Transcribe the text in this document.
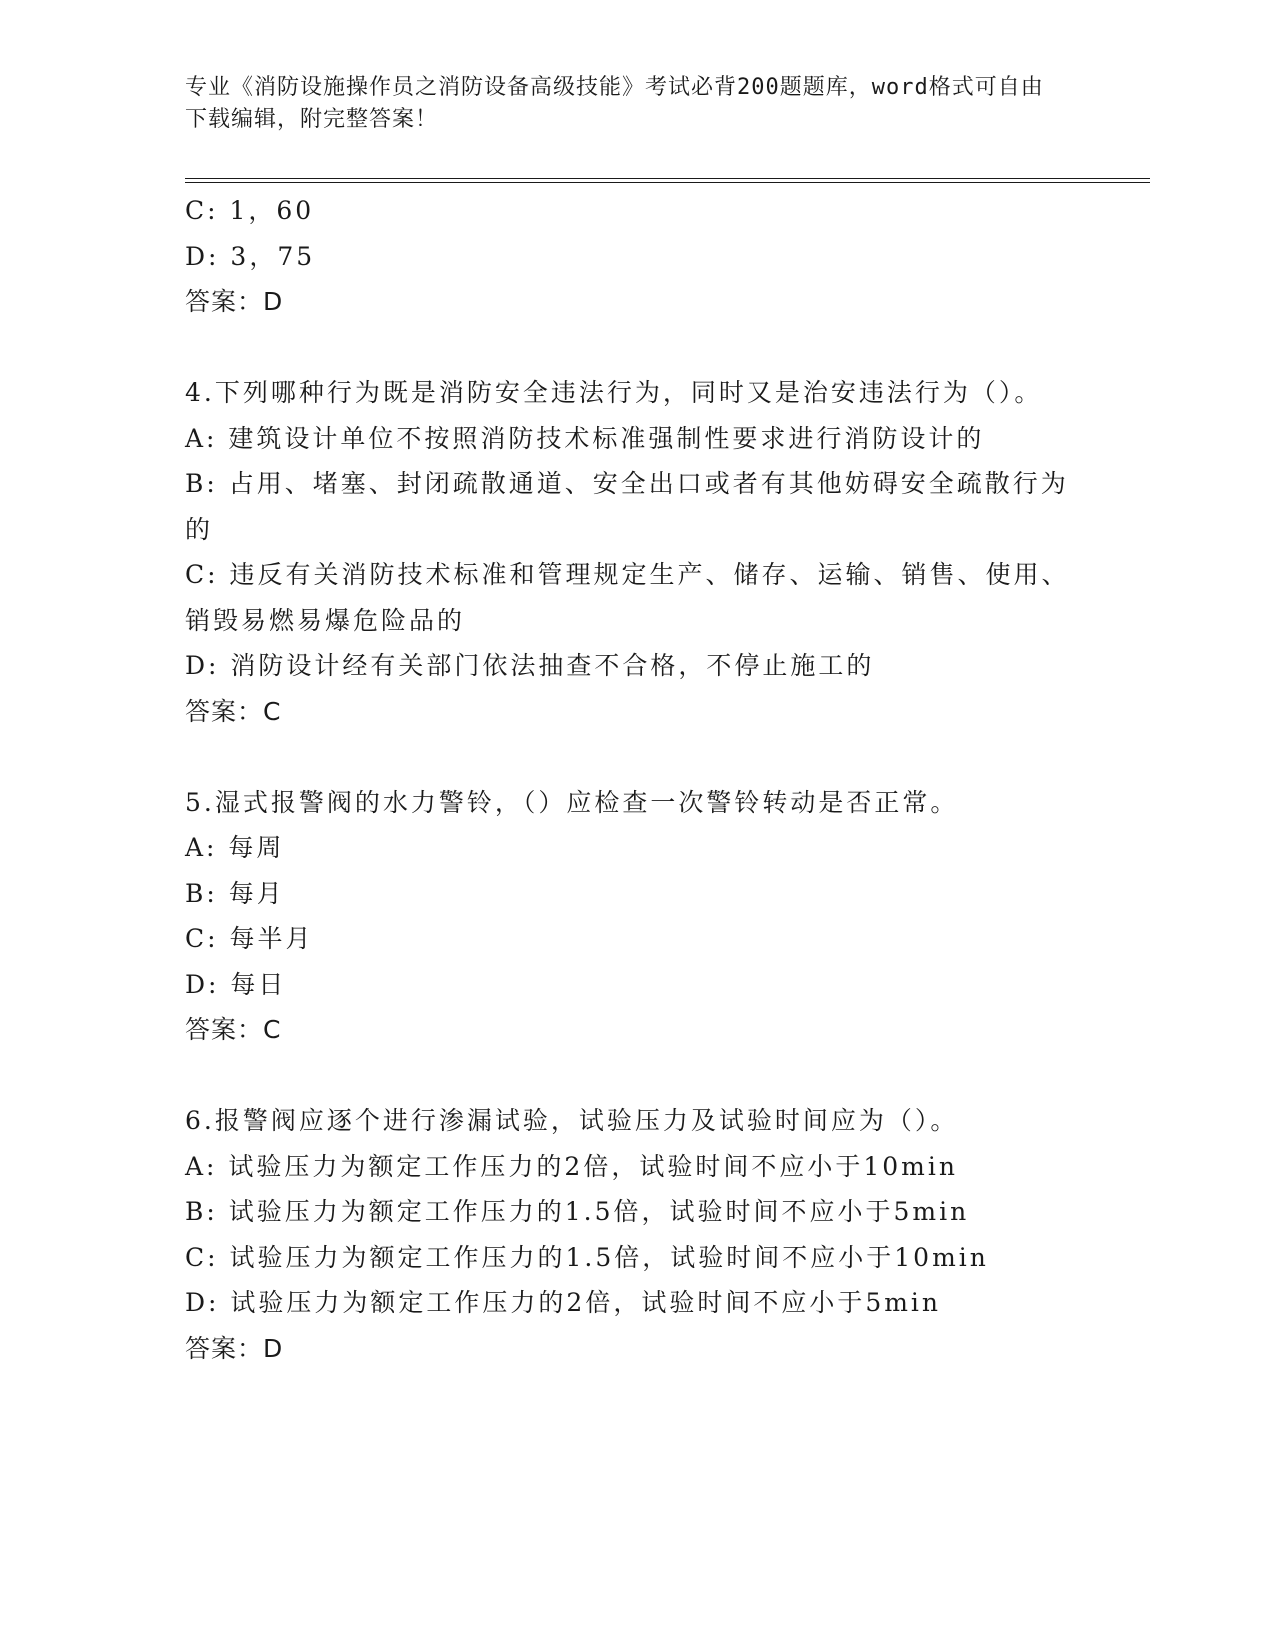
专业《消防设施操作员之消防设备高级技能》考试必背200题题库，word格式可自由下载编辑，附完整答案！

C: 1，60

D: 3，75

答案：D

4.下列哪种行为既是消防安全违法行为，同时又是治安违法行为（）。

A: 建筑设计单位不按照消防技术标准强制性要求进行消防设计的

B: 占用、堵塞、封闭疏散通道、安全出口或者有其他妨碍安全疏散行为的

C: 违反有关消防技术标准和管理规定生产、储存、运输、销售、使用、销毁易燃易爆危险品的

D: 消防设计经有关部门依法抽查不合格，不停止施工的

答案：C

5.湿式报警阀的水力警铃，（）应检查一次警铃转动是否正常。

A: 每周

B: 每月

C: 每半月

D: 每日

答案：C

6.报警阀应逐个进行渗漏试验，试验压力及试验时间应为（）。

A: 试验压力为额定工作压力的2倍，试验时间不应小于10min

B: 试验压力为额定工作压力的1.5倍，试验时间不应小于5min

C: 试验压力为额定工作压力的1.5倍，试验时间不应小于10min

D: 试验压力为额定工作压力的2倍，试验时间不应小于5min

答案：D
